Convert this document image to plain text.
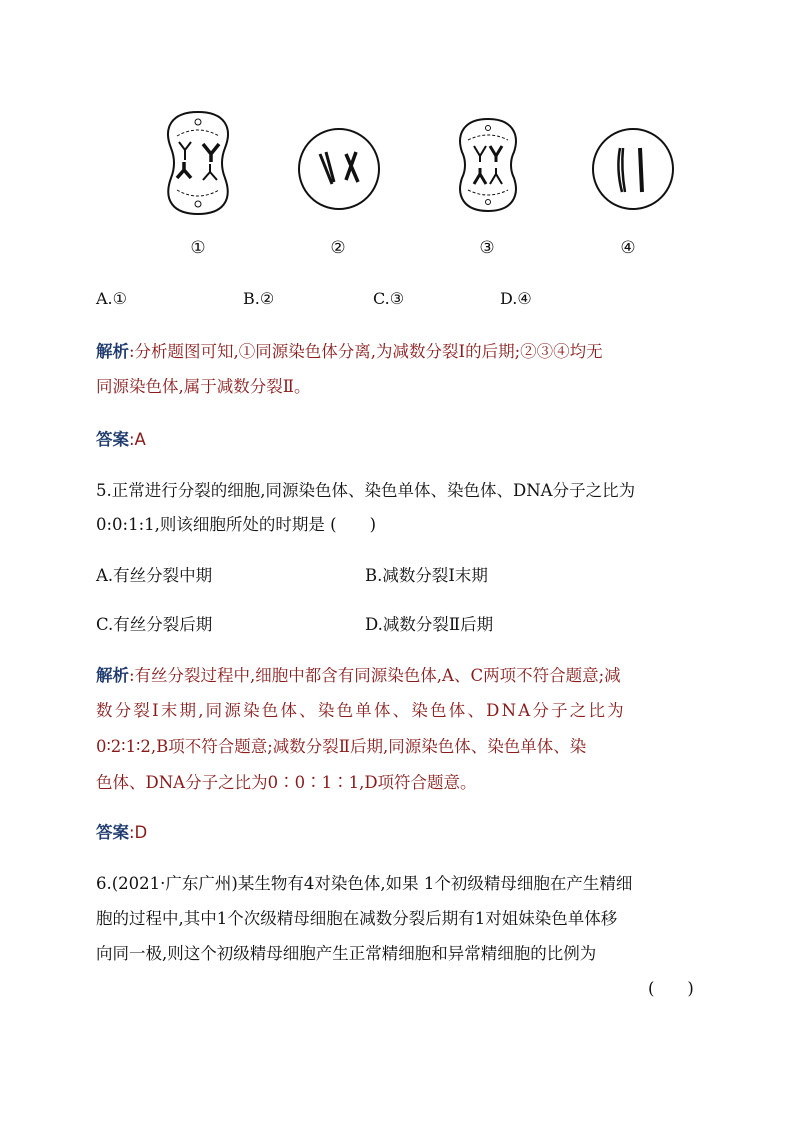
①	②	③	④
A.①	B.②	C.③	D.④
解析:分析题图可知,①同源染色体分离,为减数分裂Ⅰ的后期;②③④均无
同源染色体,属于减数分裂Ⅱ。
答案:A
5.正常进行分裂的细胞,同源染色体、染色单体、染色体、DNA分子之比为
0:0:1:1,则该细胞所处的时期是 (　　)
A.有丝分裂中期	B.减数分裂Ⅰ末期
C.有丝分裂后期	D.减数分裂Ⅱ后期
解析:有丝分裂过程中,细胞中都含有同源染色体,A、C两项不符合题意;减
数分裂Ⅰ末期,同源染色体、染色单体、染色体、DNA分子之比为
0∶2∶1∶2,B项不符合题意;减数分裂Ⅱ后期,同源染色体、染色单体、染
色体、DNA分子之比为0∶0∶1∶1,D项符合题意。
答案:D
6.(2021·广东广州)某生物有4对染色体,如果 1个初级精母细胞在产生精细
胞的过程中,其中1个次级精母细胞在减数分裂后期有1对姐妹染色单体移
向同一极,则这个初级精母细胞产生正常精细胞和异常精细胞的比例为
(　　)
